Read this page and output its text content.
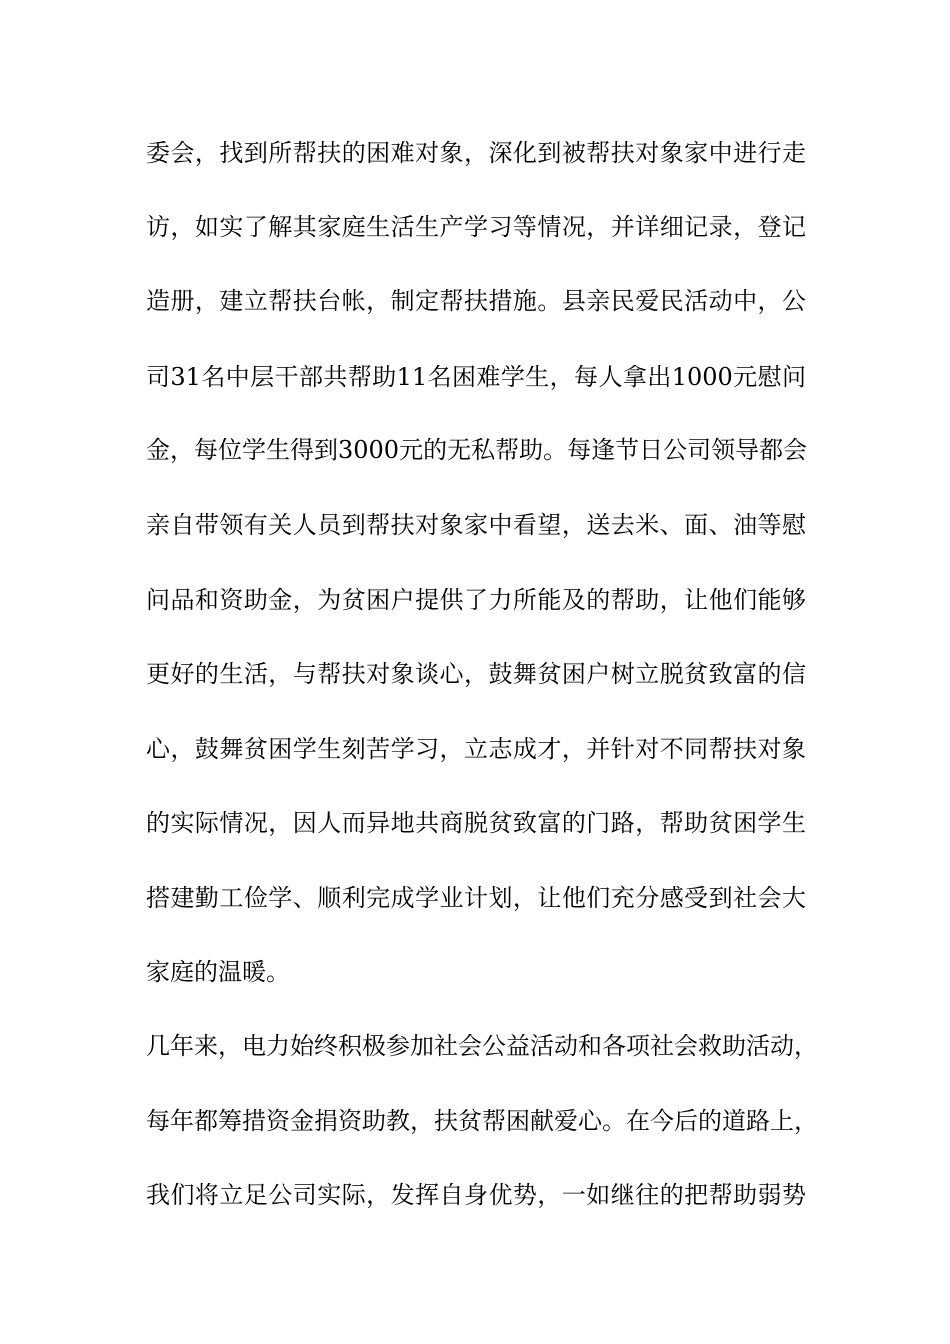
委会，找到所帮扶的困难对象，深化到被帮扶对象家中进行走
访，如实了解其家庭生活生产学习等情况，并详细记录，登记
造册，建立帮扶台帐，制定帮扶措施。县亲民爱民活动中，公
司31名中层干部共帮助11名困难学生，每人拿出1000元慰问
金，每位学生得到3000元的无私帮助。每逢节日公司领导都会
亲自带领有关人员到帮扶对象家中看望，送去米、面、油等慰
问品和资助金，为贫困户提供了力所能及的帮助，让他们能够
更好的生活，与帮扶对象谈心，鼓舞贫困户树立脱贫致富的信
心，鼓舞贫困学生刻苦学习，立志成才，并针对不同帮扶对象
的实际情况，因人而异地共商脱贫致富的门路，帮助贫困学生
搭建勤工俭学、顺利完成学业计划，让他们充分感受到社会大
家庭的温暖。
几年来，电力始终积极参加社会公益活动和各项社会救助活动，
每年都筹措资金捐资助教，扶贫帮困献爱心。在今后的道路上，
我们将立足公司实际，发挥自身优势，一如继往的把帮助弱势
